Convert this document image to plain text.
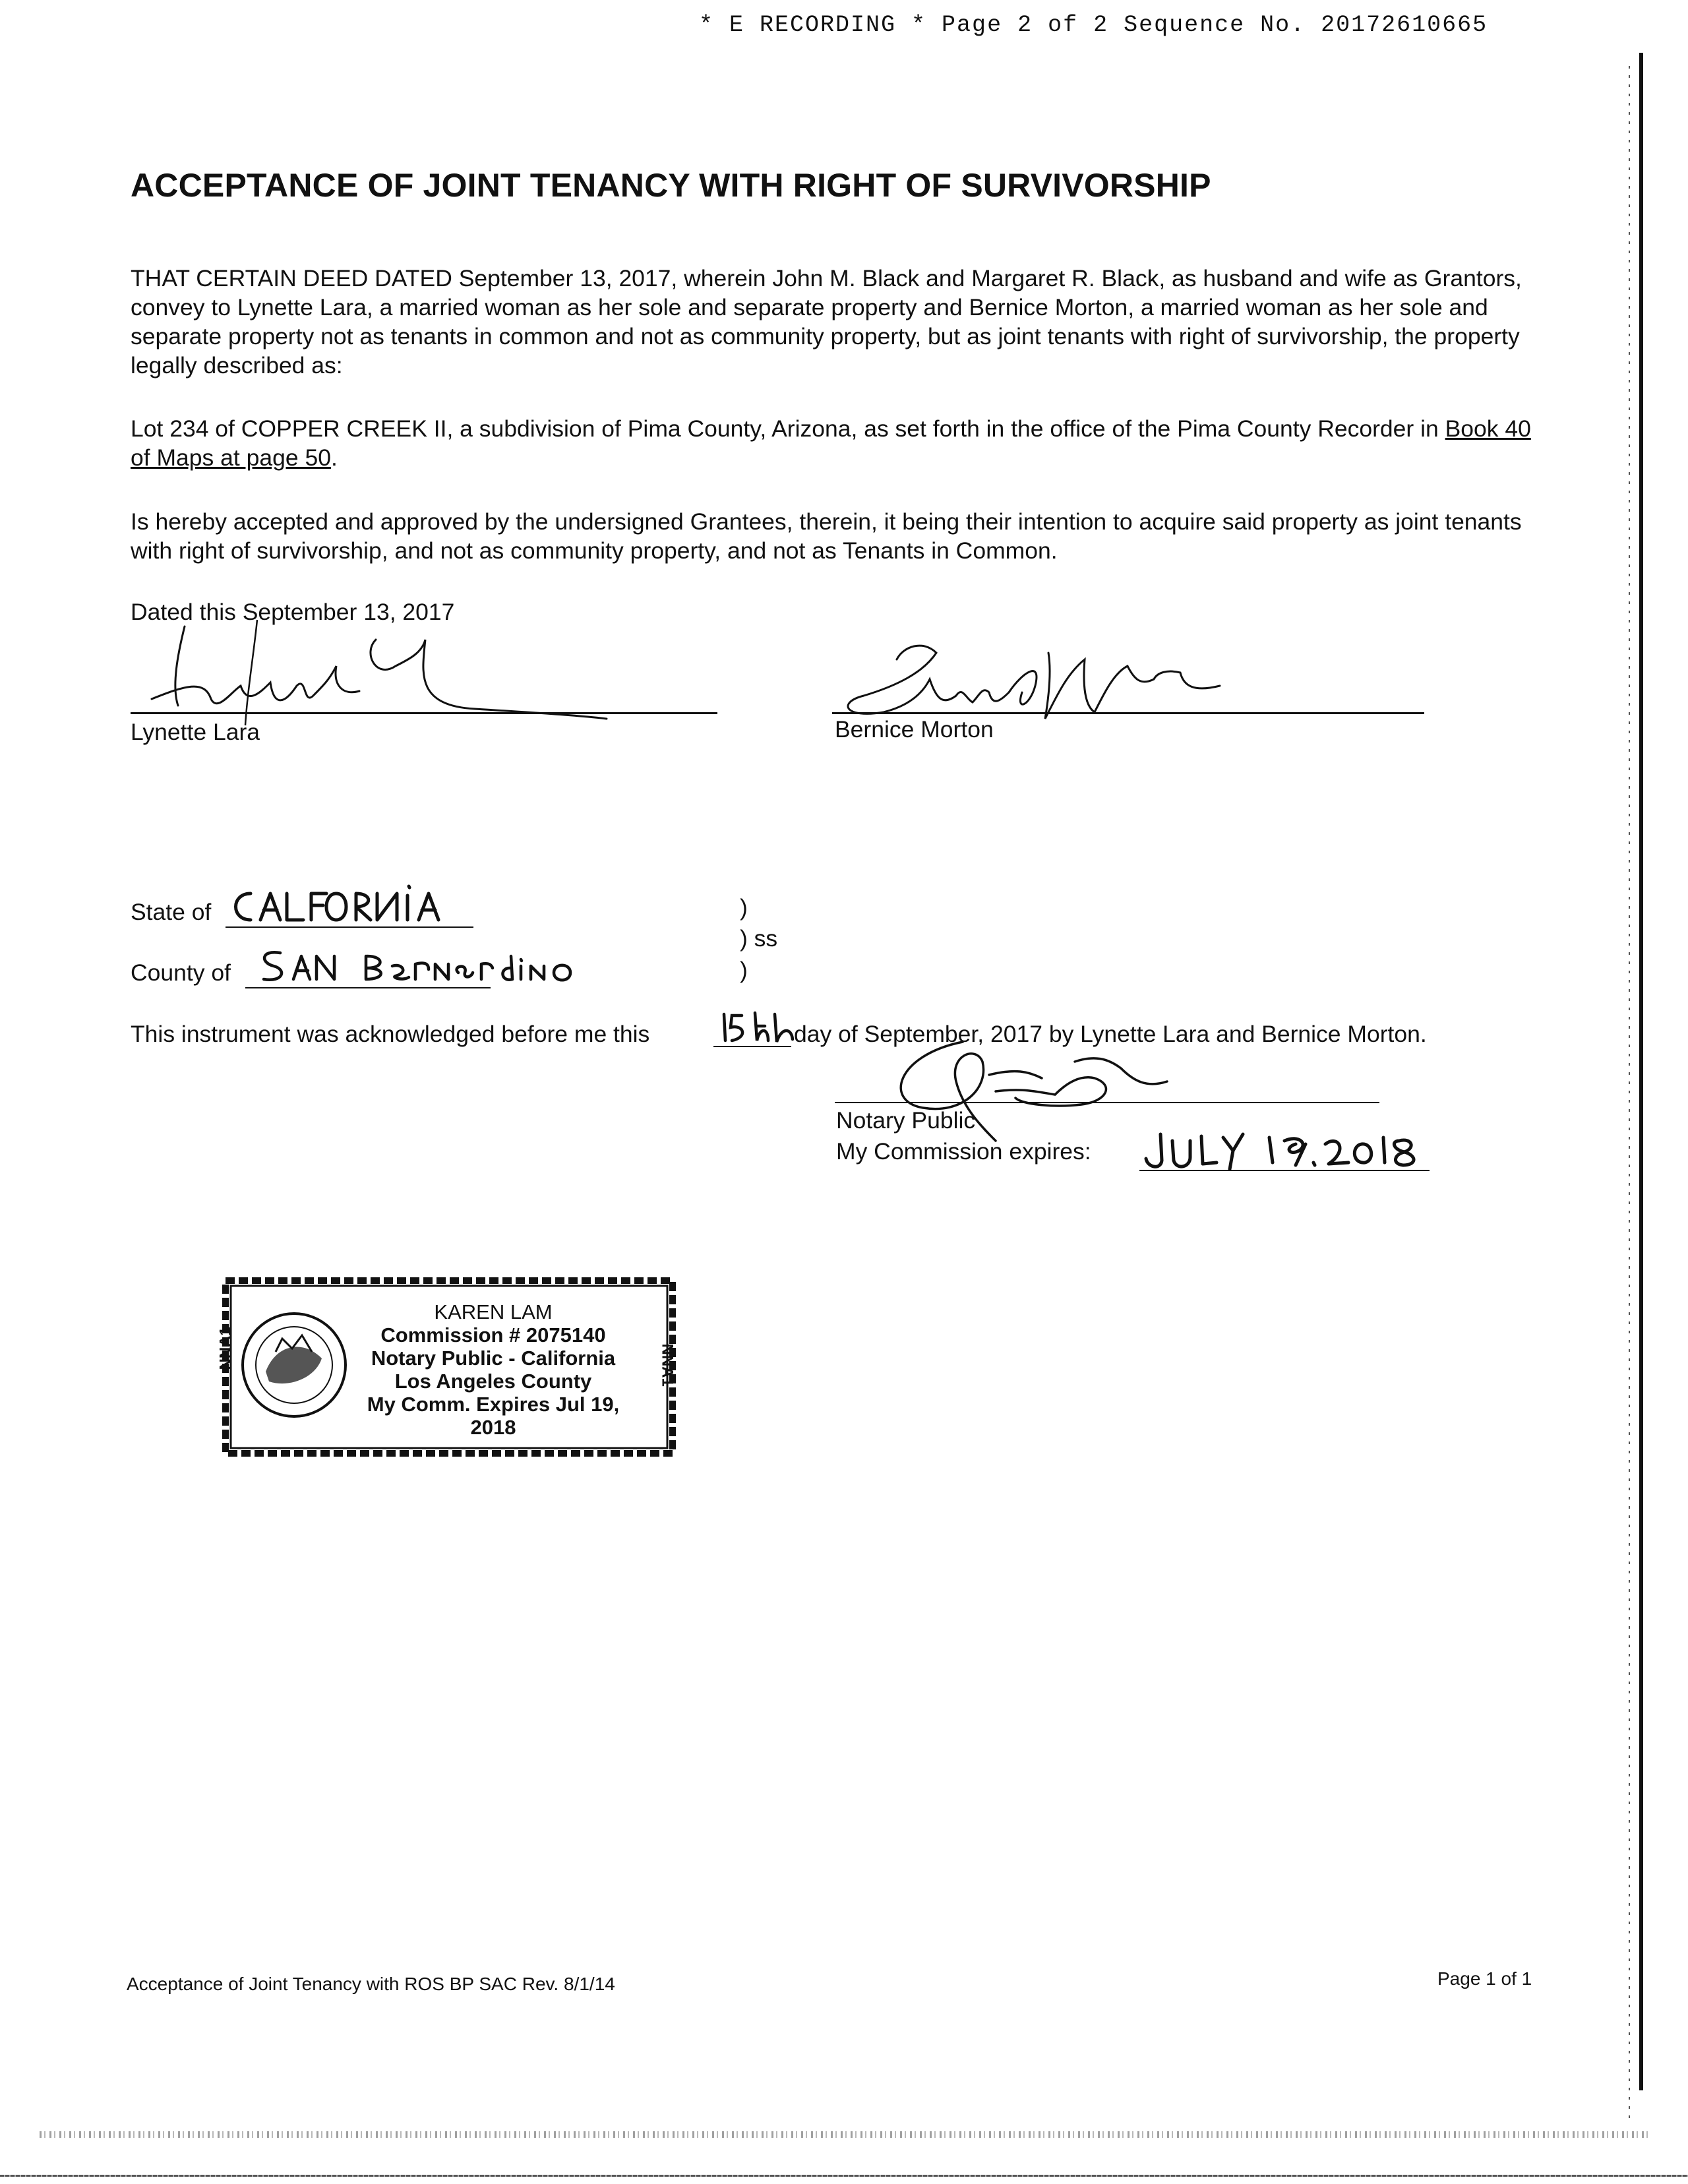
* E RECORDING * Page 2 of 2 Sequence No. 20172610665
ACCEPTANCE OF JOINT TENANCY WITH RIGHT OF SURVIVORSHIP

THAT CERTAIN DEED DATED September 13, 2017, wherein John M. Black and Margaret R. Black, as husband and wife as Grantors, convey to Lynette Lara, a married woman as her sole and separate property and Bernice Morton, a married woman as her sole and separate property not as tenants in common and not as community property, but as joint tenants with right of survivorship, the property legally described as:

Lot 234 of COPPER CREEK II, a subdivision of Pima County, Arizona, as set forth in the office of the Pima County Recorder in Book 40 of Maps at page 50.

Is hereby accepted and approved by the undersigned Grantees, therein, it being their intention to acquire said property as joint tenants with right of survivorship, and not as community property, and not as Tenants in Common.

Dated this September 13, 2017
Lynette Lara	Bernice Morton
State of
County of
)
) ss
)
This instrument was acknowledged before me this	day of September, 2017 by Lynette Lara and Bernice Morton.
Notary Public
My Commission expires:
KAREN LAM
Commission # 2075140
Notary Public - California
Los Angeles County
My Comm. Expires Jul 19, 2018
NNA1	NNA1
Acceptance of Joint Tenancy with ROS BP SAC Rev. 8/1/14	Page 1 of 1
